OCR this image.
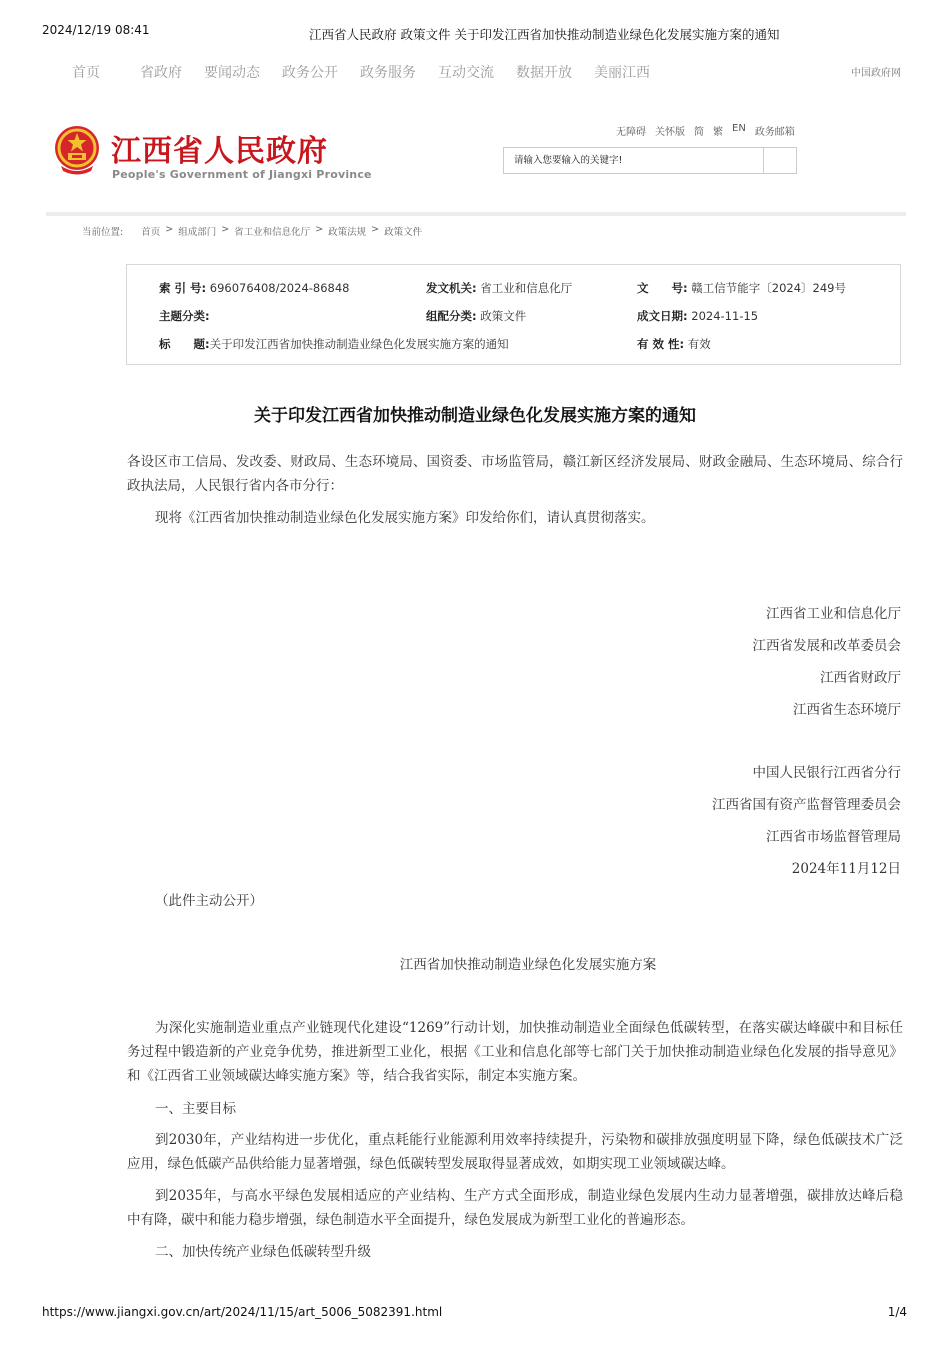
2024/12/19 08:41	江西省人民政府 政策文件 关于印发江西省加快推动制造业绿色化发展实施方案的通知
首页	省政府 要闻动态 政务公开 政务服务 互动交流 数据开放 美丽江西	中国政府网
江西省人民政府
People's Government of Jiangxi Province
无障碍 关怀版 简 繁 EN 政务邮箱
请输入您要输入的关键字!
当前位置: 首页 > 组成部门 > 省工业和信息化厅 > 政策法规 > 政策文件
索 引 号: 696076408/2024-86848	发文机关: 省工业和信息化厅	文　　号: 赣工信节能字〔2024〕249号
主题分类:	组配分类: 政策文件	成文日期: 2024-11-15
标　　题:关于印发江西省加快推动制造业绿色化发展实施方案的通知	有 效 性: 有效
关于印发江西省加快推动制造业绿色化发展实施方案的通知
各设区市工信局、发改委、财政局、生态环境局、国资委、市场监管局，赣江新区经济发展局、财政金融局、生态环境局、综合行政执法局，人民银行省内各市分行：
现将《江西省加快推动制造业绿色化发展实施方案》印发给你们，请认真贯彻落实。
江西省工业和信息化厅
江西省发展和改革委员会
江西省财政厅
江西省生态环境厅
中国人民银行江西省分行
江西省国有资产监督管理委员会
江西省市场监督管理局
2024年11月12日
（此件主动公开）
江西省加快推动制造业绿色化发展实施方案
为深化实施制造业重点产业链现代化建设“1269”行动计划，加快推动制造业全面绿色低碳转型，在落实碳达峰碳中和目标任务过程中锻造新的产业竞争优势，推进新型工业化，根据《工业和信息化部等七部门关于加快推动制造业绿色化发展的指导意见》和《江西省工业领域碳达峰实施方案》等，结合我省实际，制定本实施方案。
一、主要目标
到2030年，产业结构进一步优化，重点耗能行业能源利用效率持续提升，污染物和碳排放强度明显下降，绿色低碳技术广泛应用，绿色低碳产品供给能力显著增强，绿色低碳转型发展取得显著成效，如期实现工业领域碳达峰。
到2035年，与高水平绿色发展相适应的产业结构、生产方式全面形成，制造业绿色发展内生动力显著增强，碳排放达峰后稳中有降，碳中和能力稳步增强，绿色制造水平全面提升，绿色发展成为新型工业化的普遍形态。
二、加快传统产业绿色低碳转型升级
https://www.jiangxi.gov.cn/art/2024/11/15/art_5006_5082391.html	1/4
